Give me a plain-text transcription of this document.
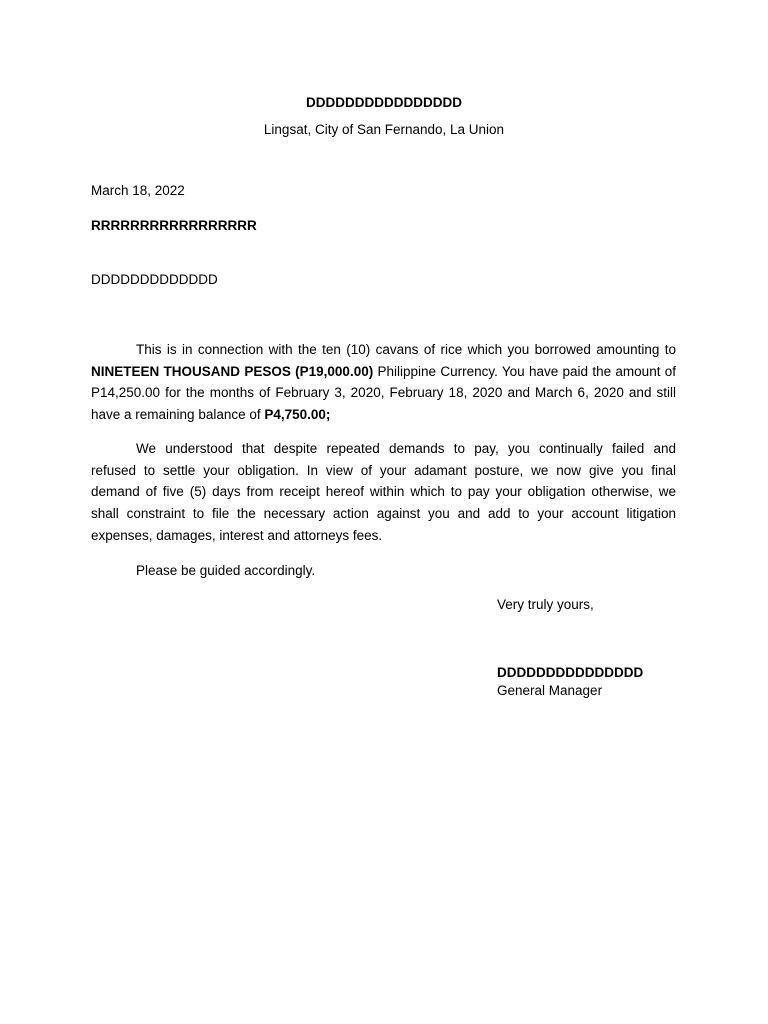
DDDDDDDDDDDDDDDD
Lingsat, City of San Fernando, La Union
March 18, 2022
RRRRRRRRRRRRRRRRR
DDDDDDDDDDDDD
This is in connection with the ten (10) cavans of rice which you borrowed amounting to
NINETEEN THOUSAND PESOS (P19,000.00) Philippine Currency. You have paid the amount of
P14,250.00 for the months of February 3, 2020, February 18, 2020 and March 6, 2020 and still
have a remaining balance of P4,750.00;
We understood that despite repeated demands to pay, you continually failed and
refused to settle your obligation. In view of your adamant posture, we now give you final
demand of five (5) days from receipt hereof within which to pay your obligation otherwise, we
shall constraint to file the necessary action against you and add to your account litigation
expenses, damages, interest and attorneys fees.
Please be guided accordingly.
Very truly yours,
DDDDDDDDDDDDDDD
General Manager
